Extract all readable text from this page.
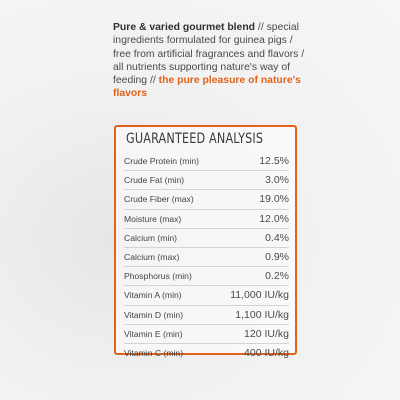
Pure & varied gourmet blend // special ingredients formulated for guinea pigs / free from artificial fragrances and flavors / all nutrients supporting nature's way of feeding // the pure pleasure of nature's flavors
GUARANTEED ANALYSIS
Crude Protein (min)	12.5%
Crude Fat (min)	3.0%
Crude Fiber (max)	19.0%
Moisture (max)	12.0%
Calcium (min)	0.4%
Calcium (max)	0.9%
Phosphorus (min)	0.2%
Vitamin A (min)	11,000 IU/kg
Vitamin D (min)	1,100 IU/kg
Vitamin E (min)	120 IU/kg
Vitamin C (min)	400 IU/kg
